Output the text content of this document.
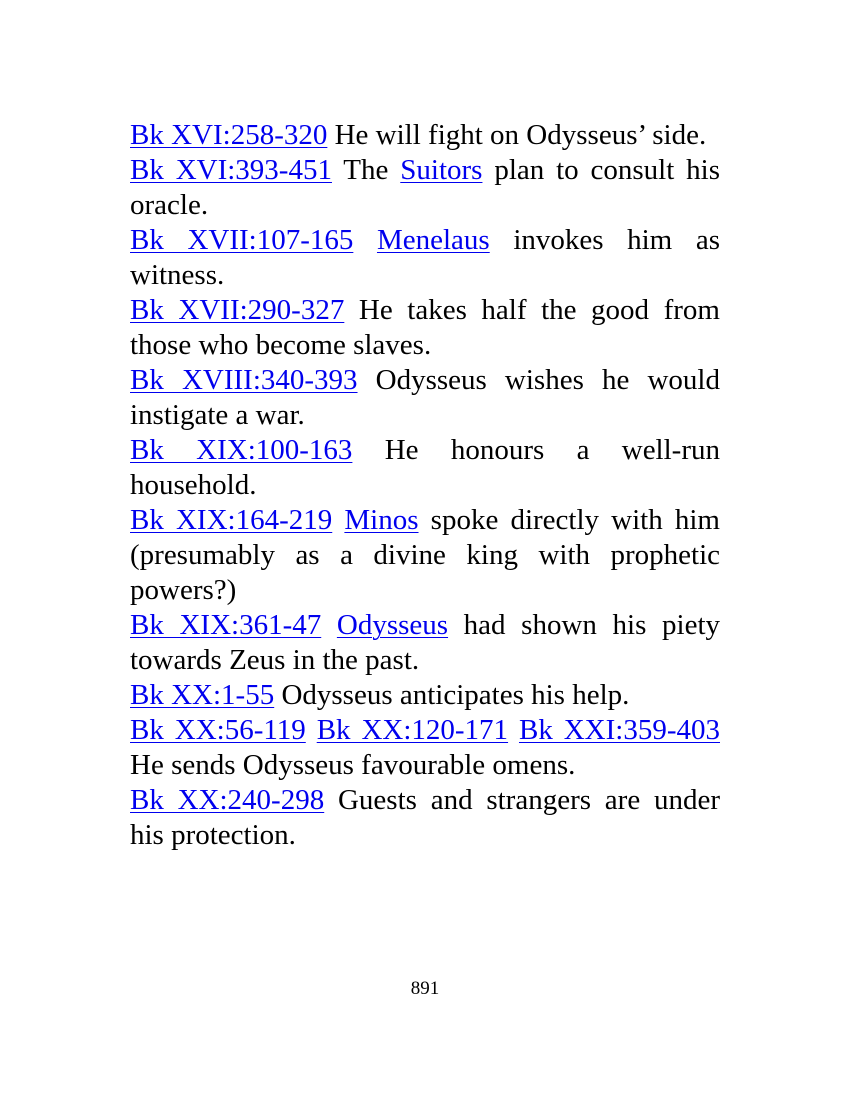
Bk XVI:258-320 He will fight on Odysseus’ side.

Bk XVI:393-451 The Suitors plan to consult his oracle.

Bk XVII:107-165 Menelaus invokes him as witness.

Bk XVII:290-327 He takes half the good from those who become slaves.

Bk XVIII:340-393 Odysseus wishes he would instigate a war.

Bk XIX:100-163 He honours a well-run household.

Bk XIX:164-219 Minos spoke directly with him (presumably as a divine king with prophetic powers?)

Bk XIX:361-47 Odysseus had shown his piety towards Zeus in the past.

Bk XX:1-55 Odysseus anticipates his help.

Bk XX:56-119 Bk XX:120-171 Bk XXI:359-403 He sends Odysseus favourable omens.

Bk XX:240-298 Guests and strangers are under his protection.

891
